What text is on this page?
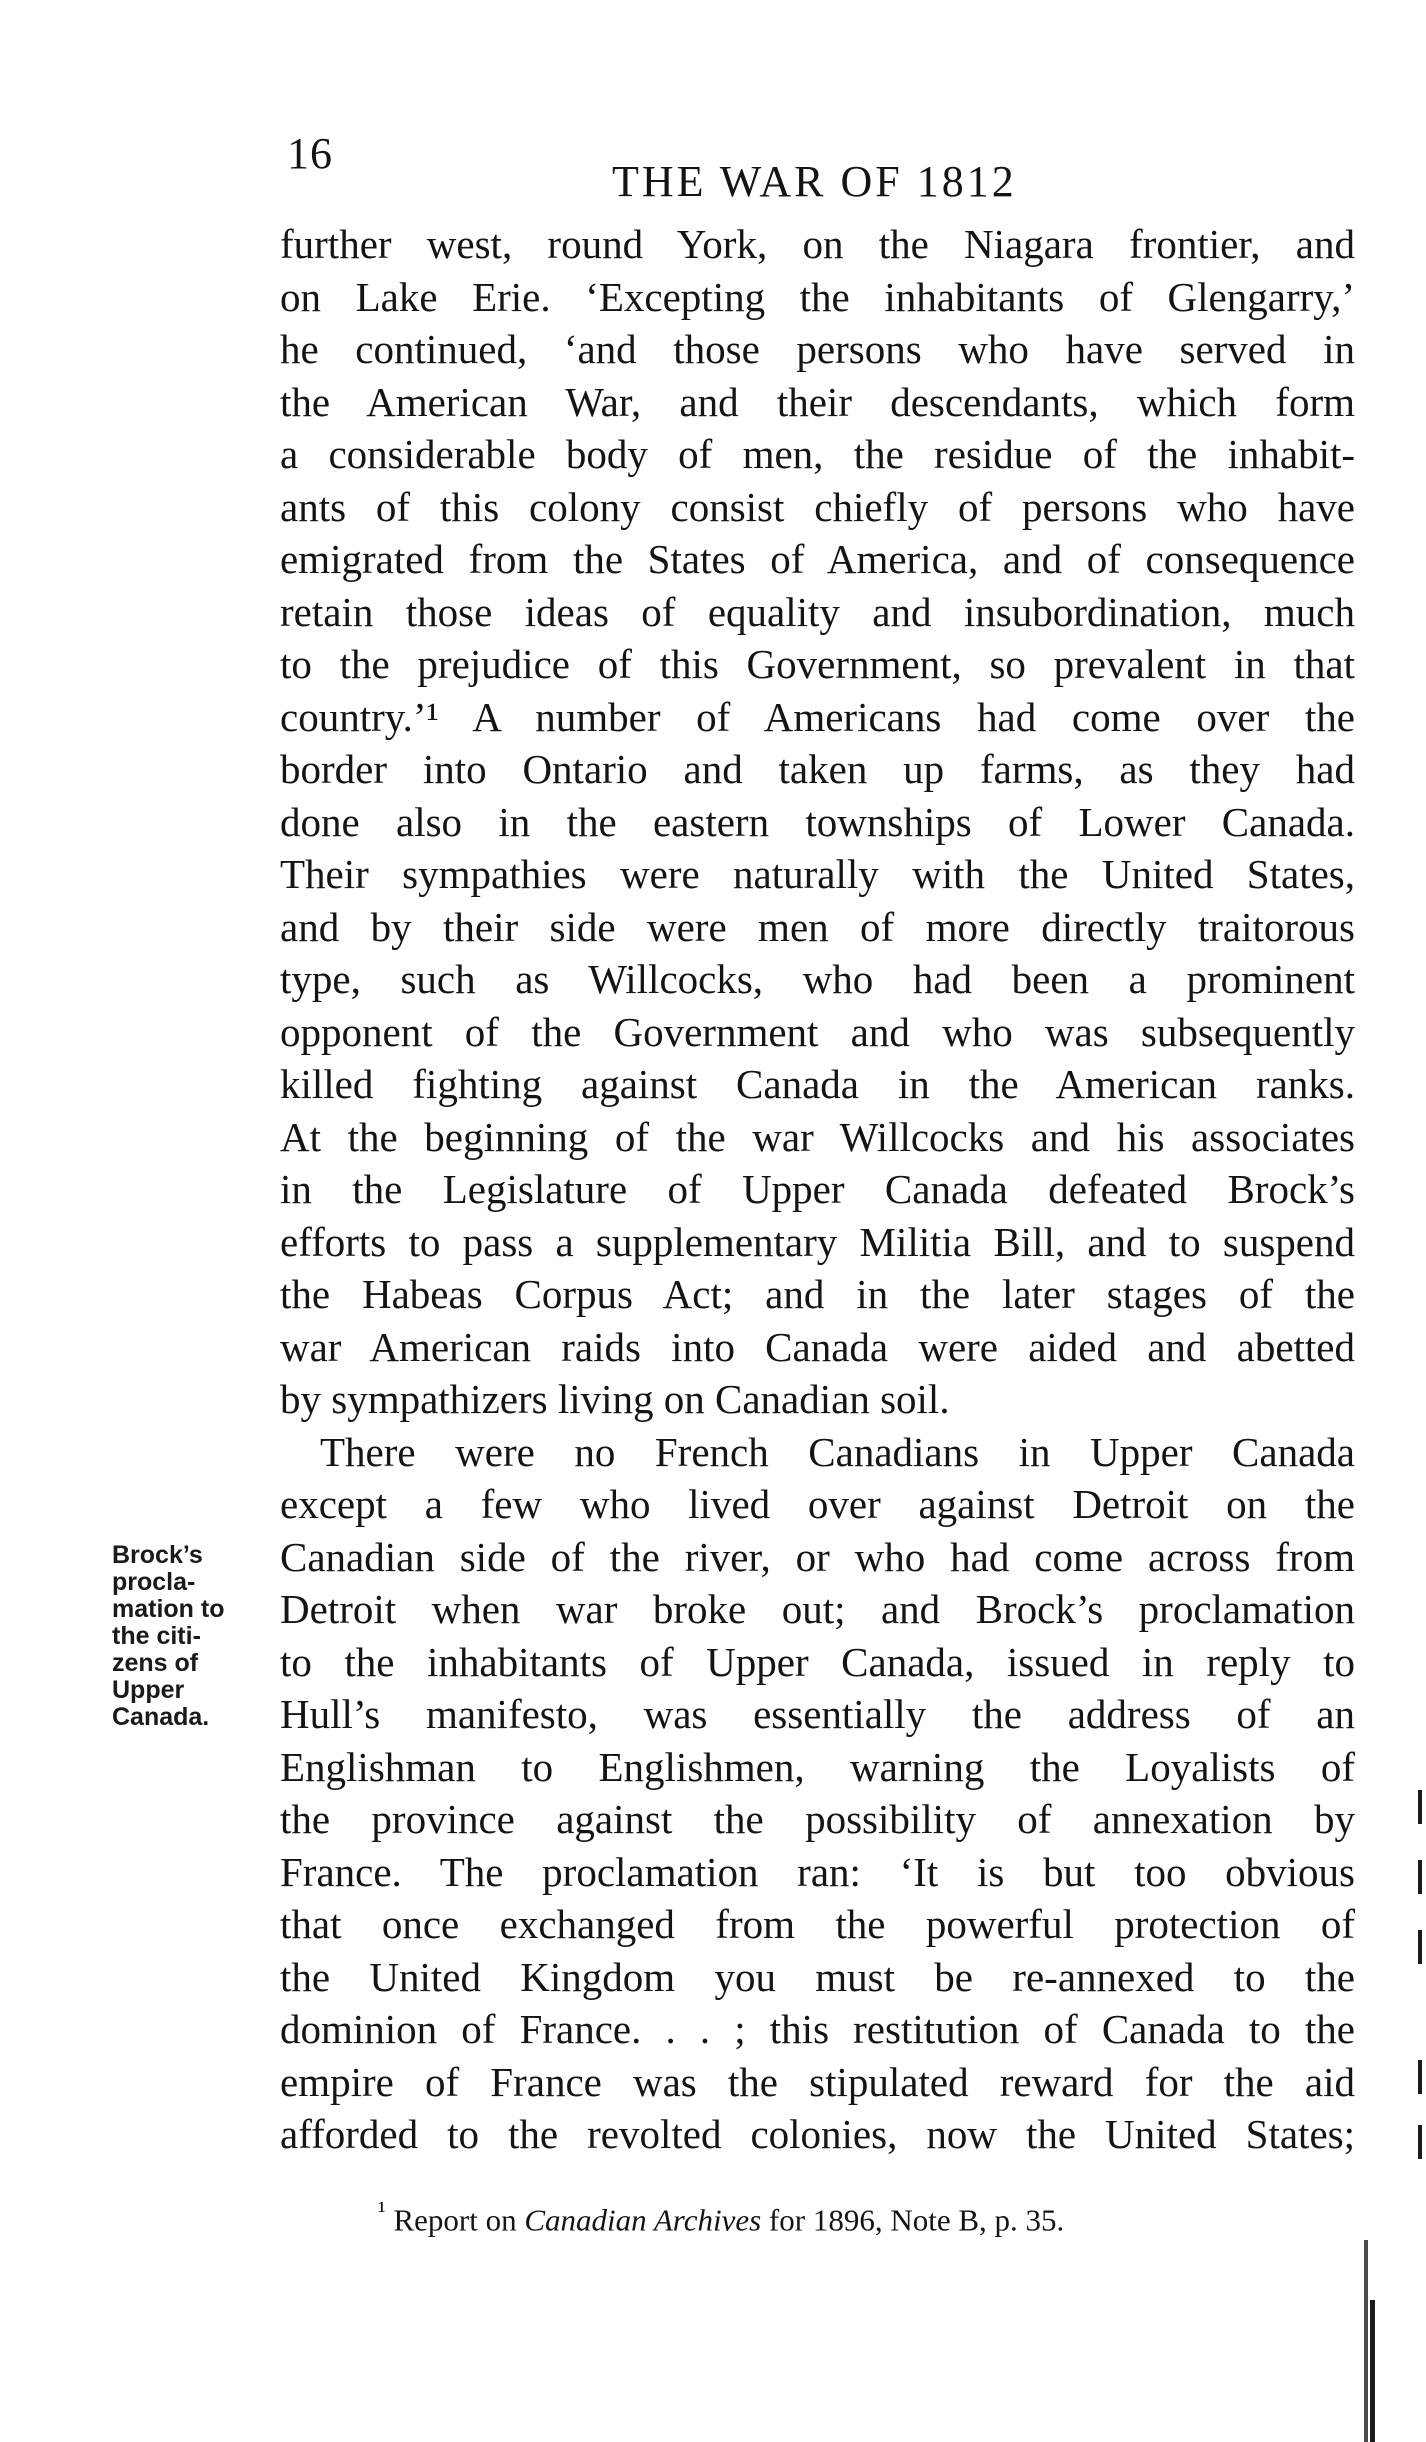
16
THE WAR OF 1812
further west, round York, on the Niagara frontier, and
on Lake Erie. ‘Excepting the inhabitants of Glengarry,’
he continued, ‘and those persons who have served in
the American War, and their descendants, which form
a considerable body of men, the residue of the inhabit-
ants of this colony consist chiefly of persons who have
emigrated from the States of America, and of consequence
retain those ideas of equality and insubordination, much
to the prejudice of this Government, so prevalent in that
country.’¹ A number of Americans had come over the
border into Ontario and taken up farms, as they had
done also in the eastern townships of Lower Canada.
Their sympathies were naturally with the United States,
and by their side were men of more directly traitorous
type, such as Willcocks, who had been a prominent
opponent of the Government and who was subsequently
killed fighting against Canada in the American ranks.
At the beginning of the war Willcocks and his associates
in the Legislature of Upper Canada defeated Brock’s
efforts to pass a supplementary Militia Bill, and to suspend
the Habeas Corpus Act; and in the later stages of the
war American raids into Canada were aided and abetted
by sympathizers living on Canadian soil.
There were no French Canadians in Upper Canada
except a few who lived over against Detroit on the
Canadian side of the river, or who had come across from
Detroit when war broke out; and Brock’s proclamation
to the inhabitants of Upper Canada, issued in reply to
Hull’s manifesto, was essentially the address of an
Englishman to Englishmen, warning the Loyalists of
the province against the possibility of annexation by
France. The proclamation ran: ‘It is but too obvious
that once exchanged from the powerful protection of
the United Kingdom you must be re-annexed to the
dominion of France. . . ; this restitution of Canada to the
empire of France was the stipulated reward for the aid
afforded to the revolted colonies, now the United States;
Brock’s
procla-
mation to
the citi-
zens of
Upper
Canada.
$^{^1}$ Report on Canadian Archives for 1896, Note B, p. 35.
